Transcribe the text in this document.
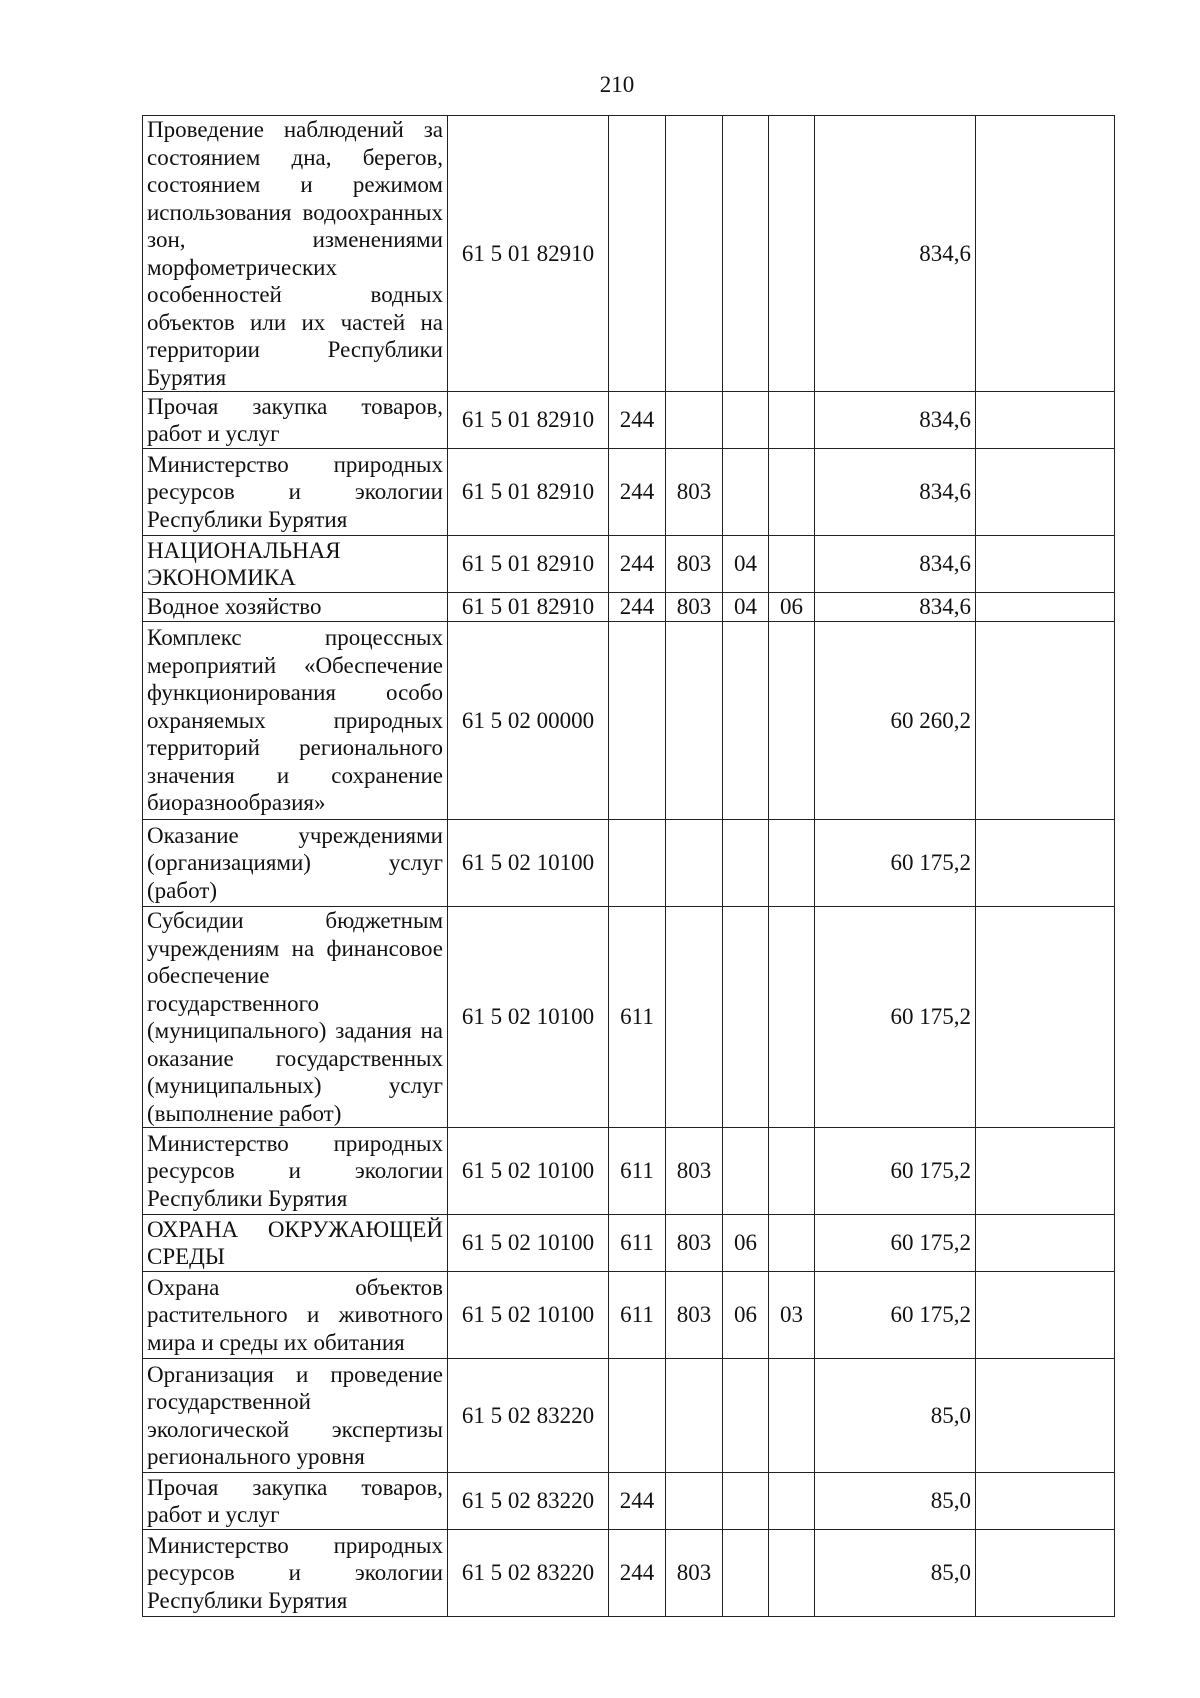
210
Проведение наблюдений за состоянием дна, берегов, состоянием и режимом использования водоохранных зон, изменениями морфометрических особенностей водных объектов или их частей на территории Республики Бурятия	61 5 01 82910					834,6	
Прочая закупка товаров, работ и услуг	61 5 01 82910	244				834,6	
Министерство природных ресурсов и экологии Республики Бурятия	61 5 01 82910	244	803			834,6	
НАЦИОНАЛЬНАЯ ЭКОНОМИКА	61 5 01 82910	244	803	04		834,6	
Водное хозяйство	61 5 01 82910	244	803	04	06	834,6	
Комплекс процессных мероприятий «Обеспечение функционирования особо охраняемых природных территорий регионального значения и сохранение биоразнообразия»	61 5 02 00000					60 260,2	
Оказание учреждениями (организациями) услуг (работ)	61 5 02 10100					60 175,2	
Субсидии бюджетным учреждениям на финансовое обеспечение государственного (муниципального) задания на оказание государственных (муниципальных) услуг (выполнение работ)	61 5 02 10100	611				60 175,2	
Министерство природных ресурсов и экологии Республики Бурятия	61 5 02 10100	611	803			60 175,2	
ОХРАНА ОКРУЖАЮЩЕЙ СРЕДЫ	61 5 02 10100	611	803	06		60 175,2	
Охрана объектов растительного и животного мира и среды их обитания	61 5 02 10100	611	803	06	03	60 175,2	
Организация и проведение государственной экологической экспертизы регионального уровня	61 5 02 83220					85,0	
Прочая закупка товаров, работ и услуг	61 5 02 83220	244				85,0	
Министерство природных ресурсов и экологии Республики Бурятия	61 5 02 83220	244	803			85,0	
